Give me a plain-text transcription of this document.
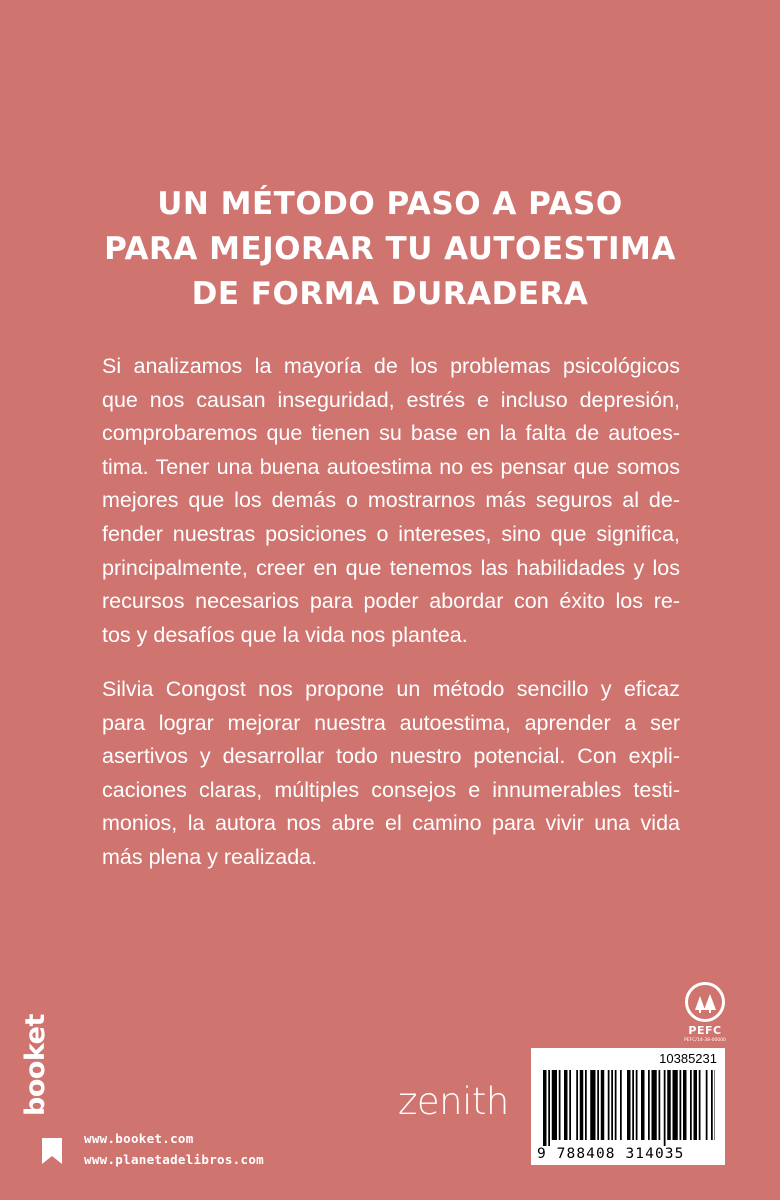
UN MÉTODO PASO A PASO
PARA MEJORAR TU AUTOESTIMA
DE FORMA DURADERA
Si analizamos la mayoría de los problemas psicológicos
que nos causan inseguridad, estrés e incluso depresión,
comprobaremos que tienen su base en la falta de autoes-
tima. Tener una buena autoestima no es pensar que somos
mejores que los demás o mostrarnos más seguros al de-
fender nuestras posiciones o intereses, sino que significa,
principalmente, creer en que tenemos las habilidades y los
recursos necesarios para poder abordar con éxito los re-
tos y desafíos que la vida nos plantea.
Silvia Congost nos propone un método sencillo y eficaz
para lograr mejorar nuestra autoestima, aprender a ser
asertivos y desarrollar todo nuestro potencial. Con expli-
caciones claras, múltiples consejos e innumerables testi-
monios, la autora nos abre el camino para vivir una vida
más plena y realizada.
PEFC
PEFC/14-38-00000
booket
www.booket.com
www.planetadelibros.com
zenith
10385231
9 788408 314035
